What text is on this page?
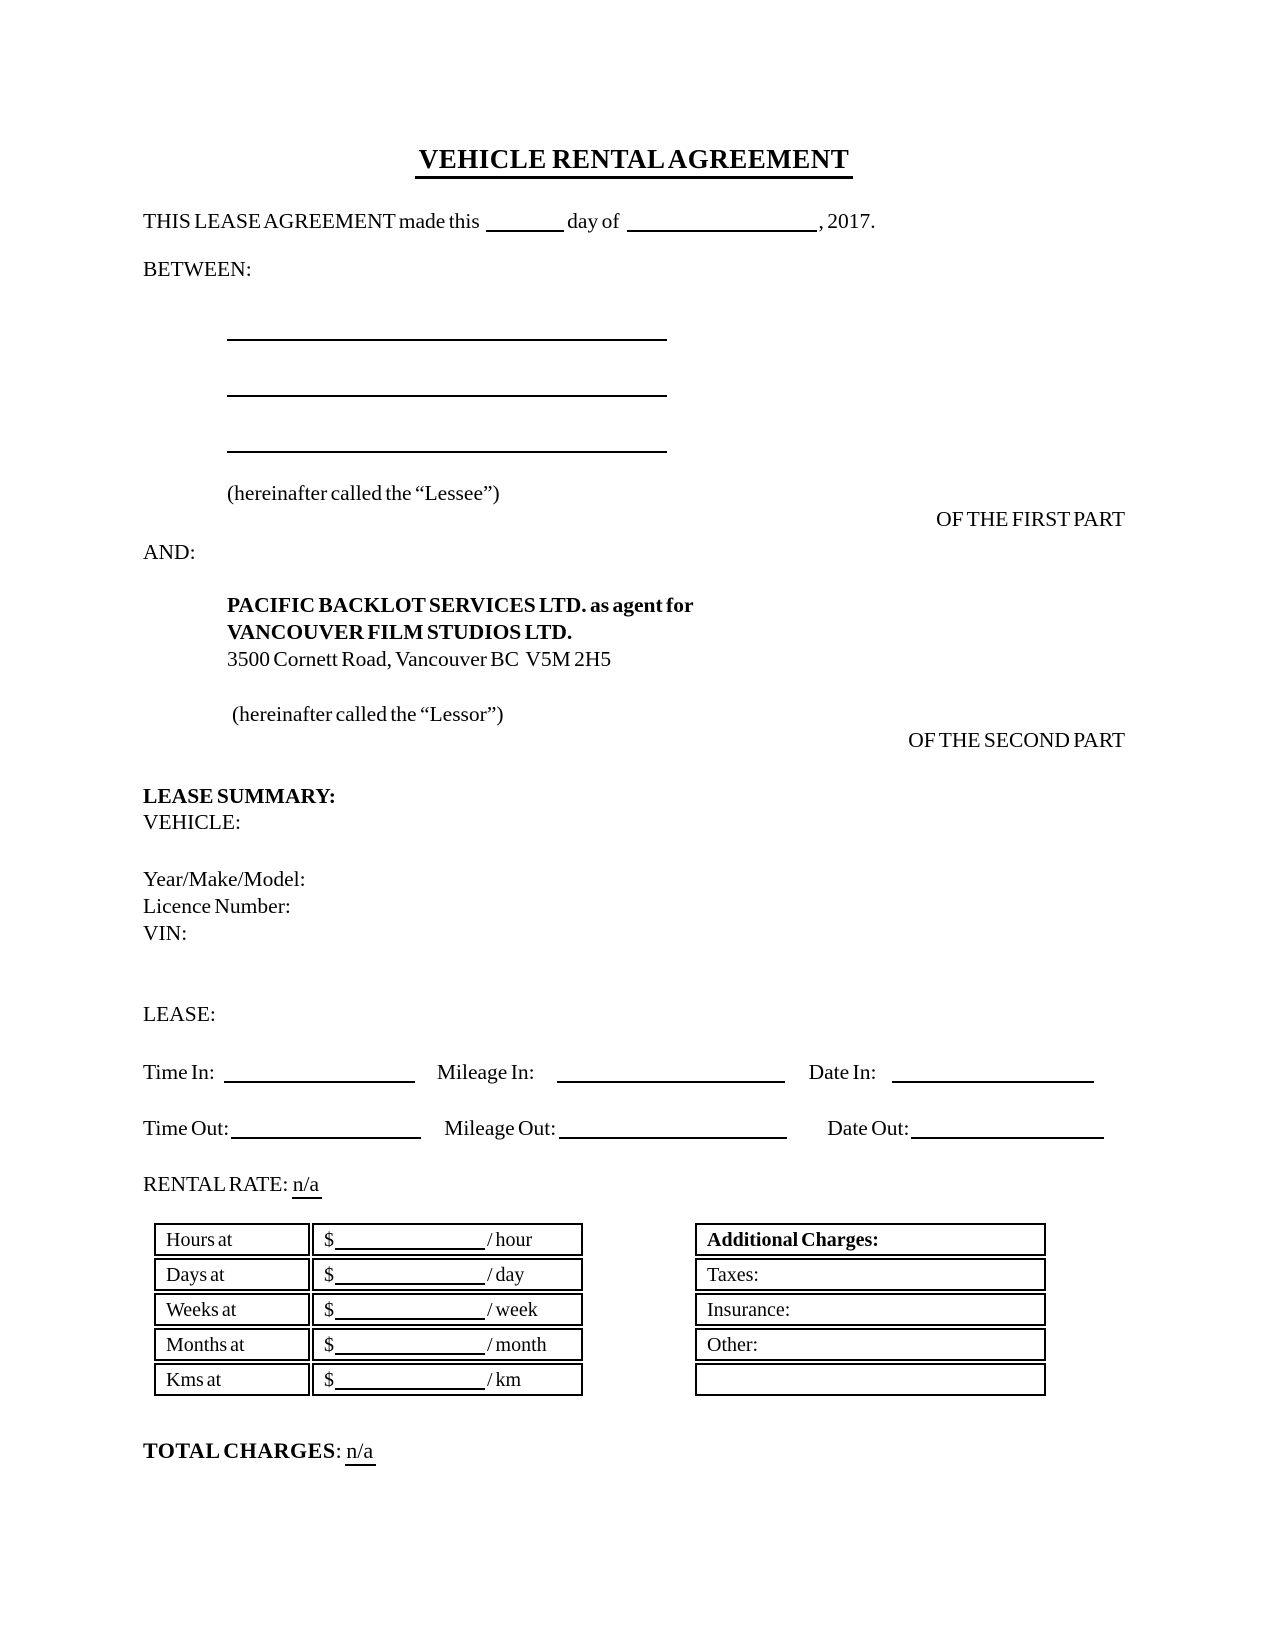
VEHICLE RENTAL AGREEMENT

THIS LEASE AGREEMENT made this	day of	, 2017.

BETWEEN:
(hereinafter called the “Lessee”)
OF THE FIRST PART
AND:
PACIFIC BACKLOT SERVICES LTD. as agent for
VANCOUVER FILM STUDIOS LTD.
3500 Cornett Road, Vancouver BC  V5M 2H5
(hereinafter called the “Lessor”)
OF THE SECOND PART
LEASE SUMMARY:
VEHICLE:
Year/Make/Model:
Licence Number:
VIN:
LEASE:
Time In:	Mileage In:	Date In:
Time Out:	Mileage Out:	Date Out:
RENTAL RATE: n/a
Hours at	$ / hour
Days at	$ / day
Weeks at	$ / week
Months at	$ / month
Kms at	$ / km
Additional Charges:
Taxes:
Insurance:
Other:

TOTAL CHARGES: n/a
